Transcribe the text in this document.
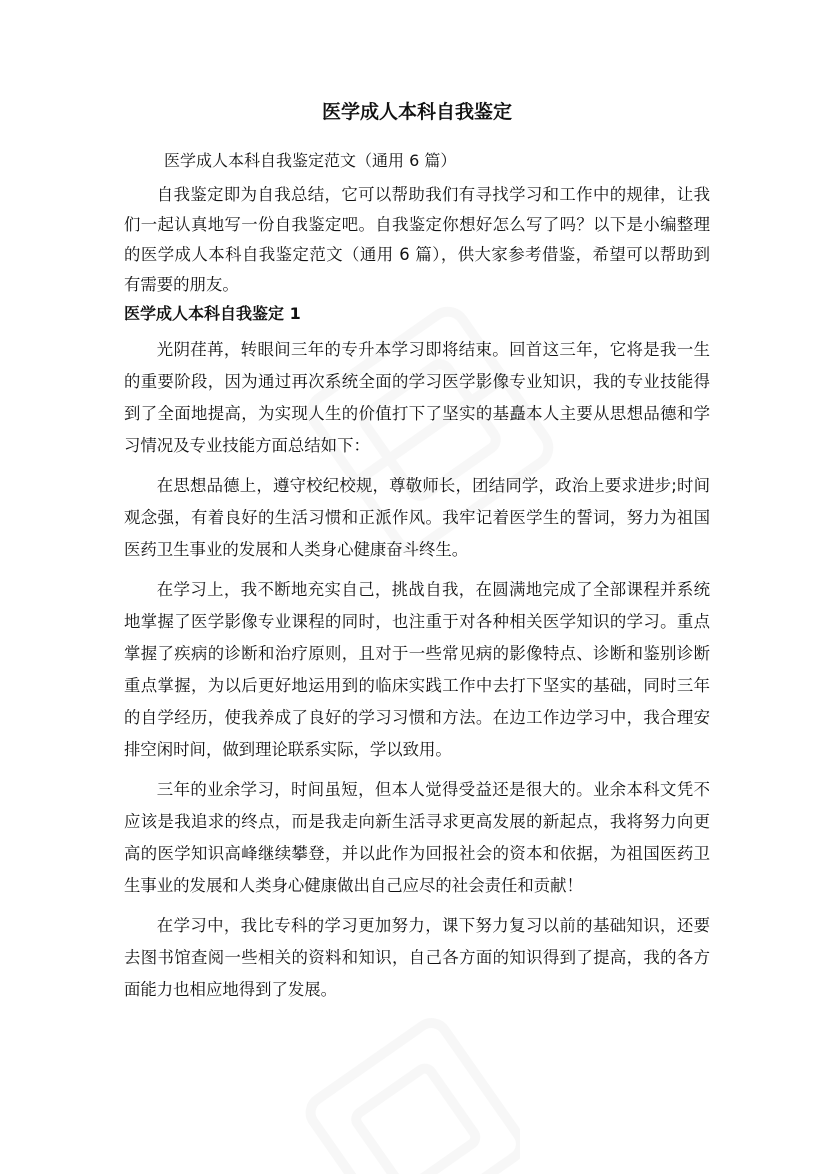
医学成人本科自我鉴定

医学成人本科自我鉴定范文（通用 6 篇）

自我鉴定即为自我总结，它可以帮助我们有寻找学习和工作中的规律，让我们一起认真地写一份自我鉴定吧。自我鉴定你想好怎么写了吗？以下是小编整理的医学成人本科自我鉴定范文（通用 6 篇），供大家参考借鉴，希望可以帮助到有需要的朋友。

医学成人本科自我鉴定 1

光阴荏苒，转眼间三年的专升本学习即将结束。回首这三年，它将是我一生的重要阶段，因为通过再次系统全面的学习医学影像专业知识，我的专业技能得到了全面地提高，为实现人生的价值打下了坚实的基矗本人主要从思想品德和学习情况及专业技能方面总结如下：

在思想品德上，遵守校纪校规，尊敬师长，团结同学，政治上要求进步;时间观念强，有着良好的生活习惯和正派作风。我牢记着医学生的誓词，努力为祖国医药卫生事业的发展和人类身心健康奋斗终生。

在学习上，我不断地充实自己，挑战自我，在圆满地完成了全部课程并系统地掌握了医学影像专业课程的同时，也注重于对各种相关医学知识的学习。重点掌握了疾病的诊断和治疗原则，且对于一些常见病的影像特点、诊断和鉴别诊断重点掌握，为以后更好地运用到的临床实践工作中去打下坚实的基础，同时三年的自学经历，使我养成了良好的学习习惯和方法。在边工作边学习中，我合理安排空闲时间，做到理论联系实际，学以致用。

三年的业余学习，时间虽短，但本人觉得受益还是很大的。业余本科文凭不应该是我追求的终点，而是我走向新生活寻求更高发展的新起点，我将努力向更高的医学知识高峰继续攀登，并以此作为回报社会的资本和依据，为祖国医药卫生事业的发展和人类身心健康做出自己应尽的社会责任和贡献！

在学习中，我比专科的学习更加努力，课下努力复习以前的基础知识，还要去图书馆查阅一些相关的资料和知识，自己各方面的知识得到了提高，我的各方面能力也相应地得到了发展。
